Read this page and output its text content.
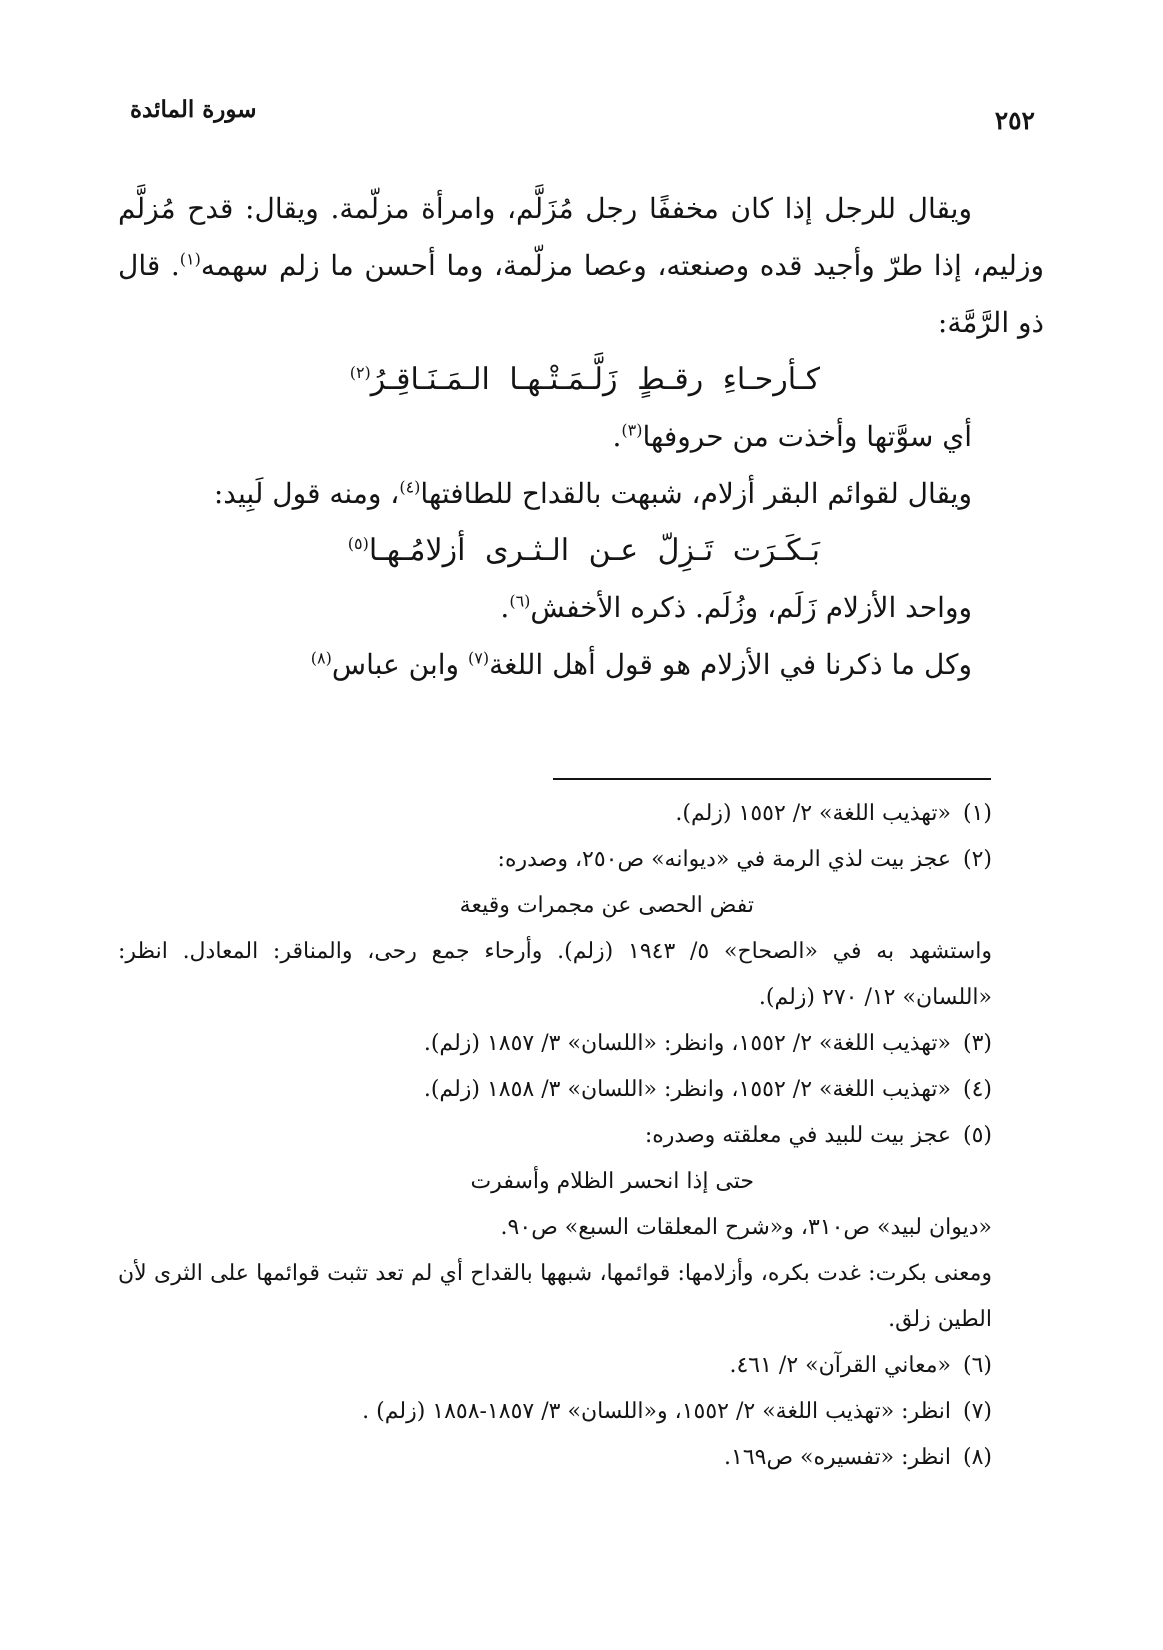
سورة المائدة	٢٥٢

ويقال للرجل إذا كان مخففًا رجل مُزَلَّم، وامرأة مزلّمة. ويقال: قدح مُزلَّم وزليم، إذا طرّ وأجيد قده وصنعته، وعصا مزلّمة، وما أحسن ما زلم سهمه$^{(١)}$. قال ذو الرَّمَّة:

كـأرحـاءِ رقـطٍ زَلَّـمَـتْـهـا الـمَـنَـاقِـرُ$^{(٢)}$

أي سوَّتها وأخذت من حروفها$^{(٣)}$.

ويقال لقوائم البقر أزلام، شبهت بالقداح للطافتها$^{(٤)}$، ومنه قول لَبِيد:

بَـكَـرَت تَـزِلّ عـن الـثـرى أزلامُـهـا$^{(٥)}$

وواحد الأزلام زَلَم، وزُلَم. ذكره الأخفش$^{(٦)}$.

وكل ما ذكرنا في الأزلام هو قول أهل اللغة$^{(٧)}$ وابن عباس$^{(٨)}$

(١)«تهذيب اللغة» ٢/ ١٥٥٢ (زلم).

(٢)عجز بيت لذي الرمة في «ديوانه» ص٢٥٠، وصدره:

تفض الحصى عن مجمرات وقيعة

واستشهد به في «الصحاح» ٥/ ١٩٤٣ (زلم). وأرحاء جمع رحى، والمناقر: المعادل. انظر: «اللسان» ١٢/ ٢٧٠ (زلم).

(٣)«تهذيب اللغة» ٢/ ١٥٥٢، وانظر: «اللسان» ٣/ ١٨٥٧ (زلم).

(٤)«تهذيب اللغة» ٢/ ١٥٥٢، وانظر: «اللسان» ٣/ ١٨٥٨ (زلم).

(٥)عجز بيت للبيد في معلقته وصدره:

حتى إذا انحسر الظلام وأسفرت

«ديوان لبيد» ص٣١٠، و«شرح المعلقات السبع» ص٩٠.

ومعنى بكرت: غدت بكره، وأزلامها: قوائمها، شبهها بالقداح أي لم تعد تثبت قوائمها على الثرى لأن الطين زلق.

(٦)«معاني القرآن» ٢/ ٤٦١.

(٧)انظر: «تهذيب اللغة» ٢/ ١٥٥٢، و«اللسان» ٣/ ١٨٥٧-١٨٥٨ (زلم) .

(٨)انظر: «تفسيره» ص١٦٩.
